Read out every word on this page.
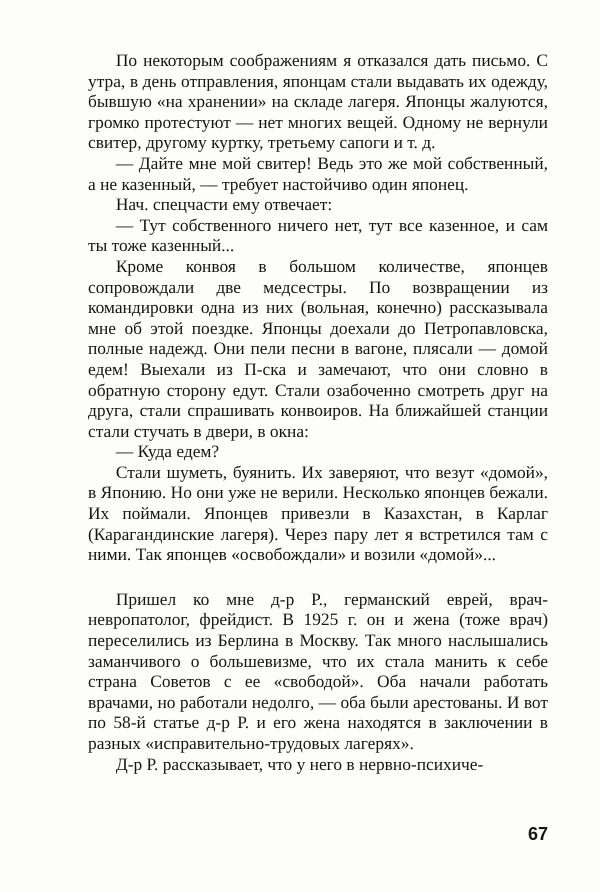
По некоторым соображениям я отказался дать письмо. С утра, в день отправления, японцам стали выдавать их одежду, бывшую «на хранении» на складе лагеря. Японцы жалуются, громко протестуют — нет многих вещей. Одному не вернули свитер, другому куртку, третьему сапоги и т. д.

— Дайте мне мой свитер! Ведь это же мой собственный, а не казенный, — требует настойчиво один японец.

Нач. спецчасти ему отвечает:

— Тут собственного ничего нет, тут все казенное, и сам ты тоже казенный...

Кроме конвоя в большом количестве, японцев сопровождали две медсестры. По возвращении из командировки одна из них (вольная, конечно) рассказывала мне об этой поездке. Японцы доехали до Петропавловска, полные надежд. Они пели песни в вагоне, плясали — домой едем! Выехали из П-ска и замечают, что они словно в обратную сторону едут. Стали озабоченно смотреть друг на друга, стали спрашивать конвоиров. На ближайшей станции стали стучать в двери, в окна:

— Куда едем?

Стали шуметь, буянить. Их заверяют, что везут «домой», в Японию. Но они уже не верили. Несколько японцев бежали. Их поймали. Японцев привезли в Казахстан, в Карлаг (Карагандинские лагеря). Через пару лет я встретился там с ними. Так японцев «освобождали» и возили «домой»...

Пришел ко мне д-р Р., германский еврей, врач-невропатолог, фрейдист. В 1925 г. он и жена (тоже врач) переселились из Берлина в Москву. Так много наслышались заманчивого о большевизме, что их стала манить к себе страна Советов с ее «свободой». Оба начали работать врачами, но работали недолго, — оба были арестованы. И вот по 58-й статье д-р Р. и его жена находятся в заключении в разных «исправительно-трудовых лагерях».

Д-р Р. рассказывает, что у него в нервно-психиче-

67
